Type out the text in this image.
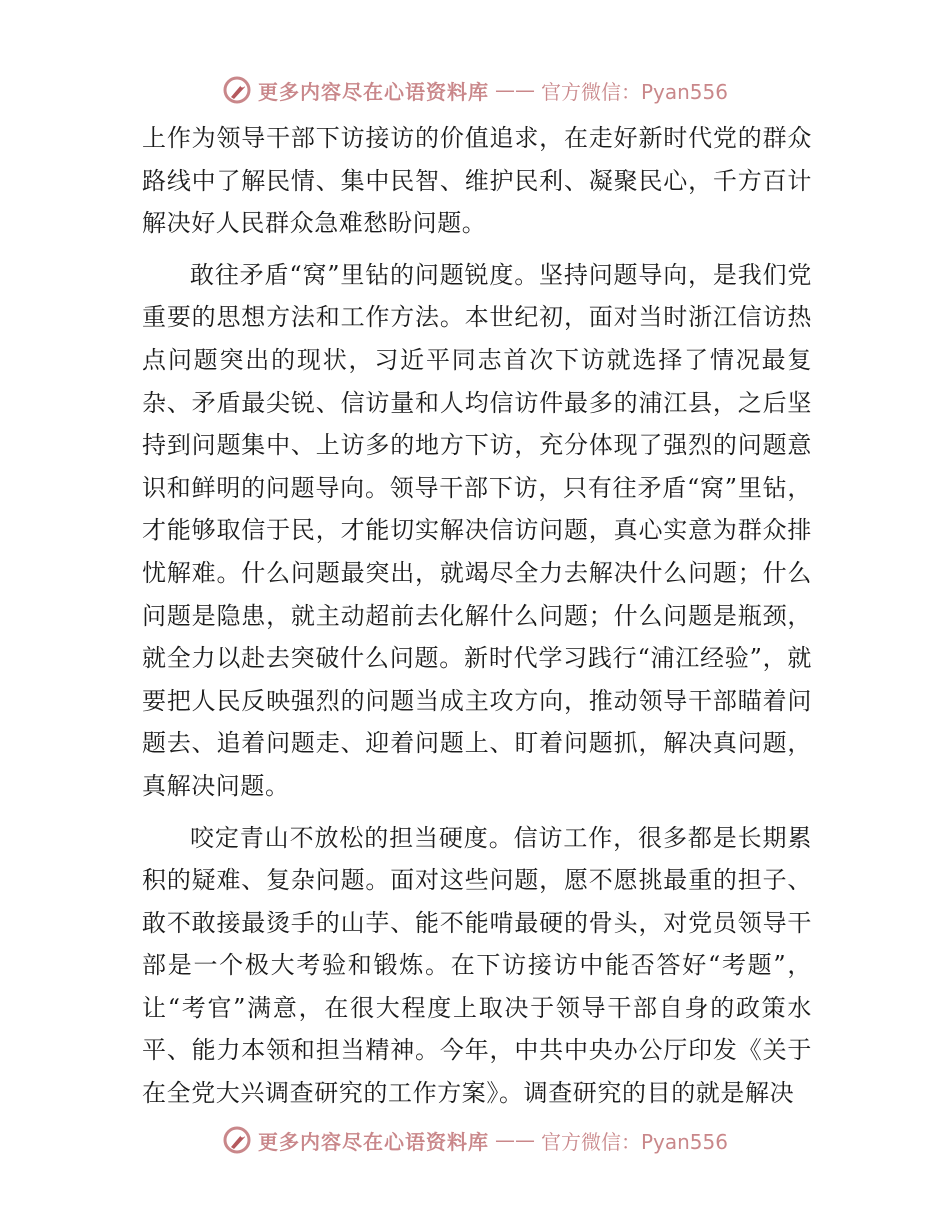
更多内容尽在心语资料库 —— 官方微信：Pyan556

上作为领导干部下访接访的价值追求，在走好新时代党的群众路线中了解民情、集中民智、维护民利、凝聚民心，千方百计解决好人民群众急难愁盼问题。

敢往矛盾“窝”里钻的问题锐度。坚持问题导向，是我们党重要的思想方法和工作方法。本世纪初，面对当时浙江信访热点问题突出的现状，习近平同志首次下访就选择了情况最复杂、矛盾最尖锐、信访量和人均信访件最多的浦江县，之后坚持到问题集中、上访多的地方下访，充分体现了强烈的问题意识和鲜明的问题导向。领导干部下访，只有往矛盾“窝”里钻，才能够取信于民，才能切实解决信访问题，真心实意为群众排忧解难。什么问题最突出，就竭尽全力去解决什么问题；什么问题是隐患，就主动超前去化解什么问题；什么问题是瓶颈，就全力以赴去突破什么问题。新时代学习践行“浦江经验”，就要把人民反映强烈的问题当成主攻方向，推动领导干部瞄着问题去、追着问题走、迎着问题上、盯着问题抓，解决真问题，真解决问题。

咬定青山不放松的担当硬度。信访工作，很多都是长期累积的疑难、复杂问题。面对这些问题，愿不愿挑最重的担子、敢不敢接最烫手的山芋、能不能啃最硬的骨头，对党员领导干部是一个极大考验和锻炼。在下访接访中能否答好“考题”，让“考官”满意，在很大程度上取决于领导干部自身的政策水平、能力本领和担当精神。今年，中共中央办公厅印发《关于在全党大兴调查研究的工作方案》。调查研究的目的就是解决

更多内容尽在心语资料库 —— 官方微信：Pyan556
